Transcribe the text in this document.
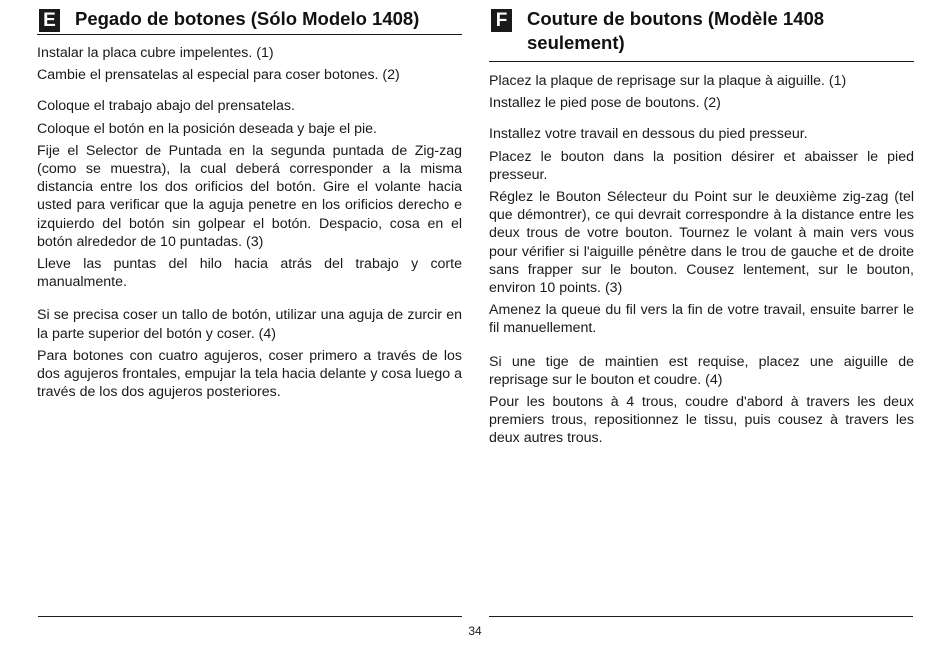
E Pegado de botones (Sólo Modelo 1408)

Instalar la placa cubre impelentes. (1)

Cambie el prensatelas al especial para coser botones. (2)

Coloque el trabajo abajo del prensatelas.

Coloque el botón en la posición deseada y baje el pie.

Fije el Selector de Puntada en la segunda puntada de Zig-zag (como se muestra), la cual deberá corresponder a la misma distancia entre los dos orificios del botón. Gire el volante hacia usted para verificar que la aguja penetre en los orificios derecho e izquierdo del botón sin golpear el botón. Despacio, cosa en el botón alrededor de 10 puntadas. (3)

Lleve las puntas del hilo hacia atrás del trabajo y corte manualmente.

Si se precisa coser un tallo de botón, utilizar una aguja de zurcir en la parte superior del botón y coser. (4)

Para botones con cuatro agujeros, coser primero a través de los dos agujeros frontales, empujar la tela hacia delante y cosa luego a través de los dos agujeros posteriores.

F Couture de boutons (Modèle 1408 seulement)

Placez la plaque de reprisage sur la plaque à aiguille. (1)

Installez le pied pose de boutons. (2)

Installez votre travail en dessous du pied presseur.

Placez le bouton dans la position désirer et abaisser le pied presseur.

Réglez le Bouton Sélecteur du Point sur le deuxième zig-zag (tel que démontrer), ce qui devrait correspondre à la distance entre les deux trous de votre bouton. Tournez le volant à main vers vous pour vérifier si l'aiguille pénètre dans le trou de gauche et de droite sans frapper sur le bouton. Cousez lentement, sur le bouton, environ 10 points. (3)

Amenez la queue du fil vers la fin de votre travail, ensuite barrer le fil manuellement.

Si une tige de maintien est requise, placez une aiguille de reprisage sur le bouton et coudre. (4)

Pour les boutons à 4 trous, coudre d'abord à travers les deux premiers trous, repositionnez le tissu, puis cousez à travers les deux autres trous.

34
